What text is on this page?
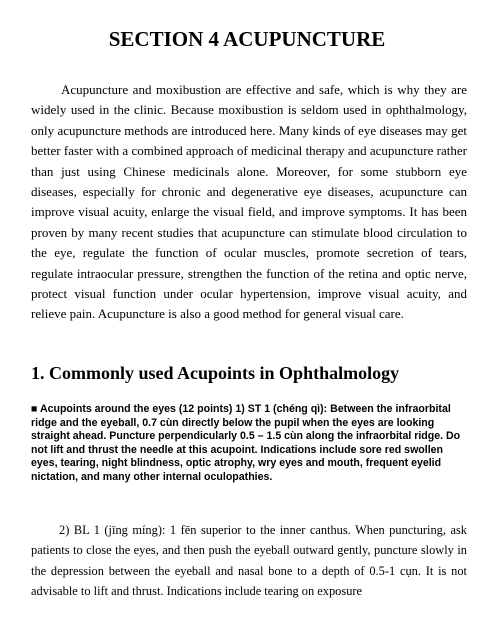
SECTION 4 ACUPUNCTURE

Acupuncture and moxibustion are effective and safe, which is why they are widely used in the clinic. Because moxibustion is seldom used in ophthalmology, only acupuncture methods are introduced here. Many kinds of eye diseases may get better faster with a combined approach of medicinal therapy and acupuncture rather than just using Chinese medicinals alone. Moreover, for some stubborn eye diseases, especially for chronic and degenerative eye diseases, acupuncture can improve visual acuity, enlarge the visual field, and improve symptoms. It has been proven by many recent studies that acupuncture can stimulate blood circulation to the eye, regulate the function of ocular muscles, promote secretion of tears, regulate intraocular pressure, strengthen the function of the retina and optic nerve, protect visual function under ocular hypertension, improve visual acuity, and relieve pain. Acupuncture is also a good method for general visual care.

1. Commonly used Acupoints in Ophthalmology

■ Acupoints around the eyes (12 points) 1) ST 1 (chéng qì): Between the infraorbital ridge and the eyeball, 0.7 cùn directly below the pupil when the eyes are looking straight ahead. Puncture perpendicularly 0.5 – 1.5 cùn along the infraorbital ridge. Do not lift and thrust the needle at this acupoint. Indications include sore red swollen eyes, tearing, night blindness, optic atrophy, wry eyes and mouth, frequent eyelid nictation, and many other internal oculopathies.

2) BL 1 (jīng míng): 1 fēn superior to the inner canthus. When puncturing, ask patients to close the eyes, and then push the eyeball outward gently, puncture slowly in the depression between the eyeball and nasal bone to a depth of 0.5-1 cụn. It is not advisable to lift and thrust. Indications include tearing on exposure
